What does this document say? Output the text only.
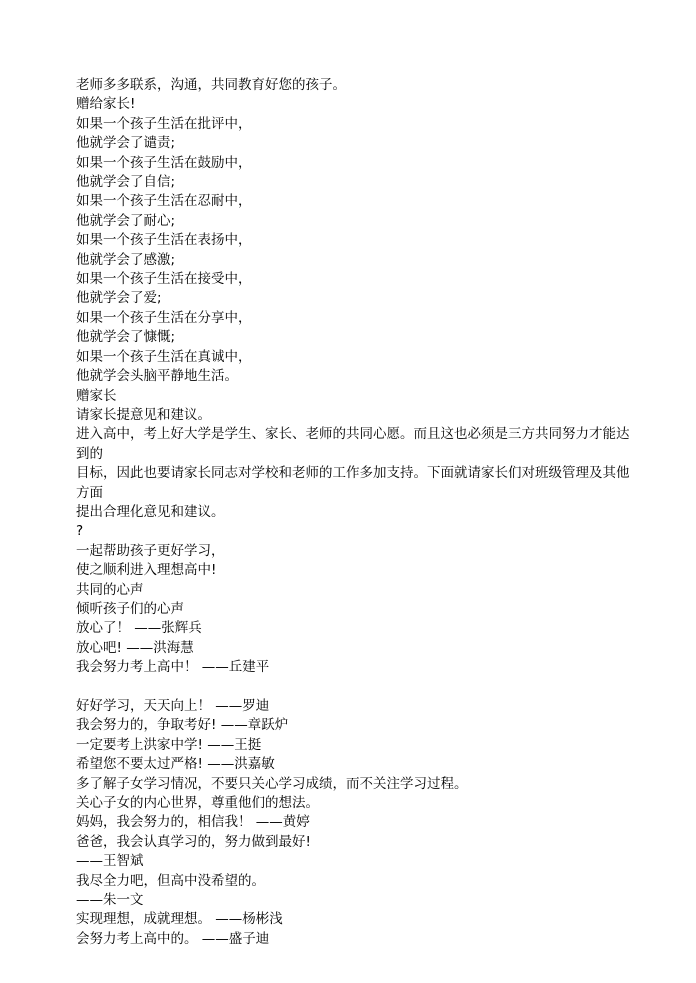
老师多多联系，沟通，共同教育好您的孩子。
赠给家长!
如果一个孩子生活在批评中，
他就学会了谴责;
如果一个孩子生活在鼓励中，
他就学会了自信;
如果一个孩子生活在忍耐中，
他就学会了耐心;
如果一个孩子生活在表扬中，
他就学会了感激;
如果一个孩子生活在接受中，
他就学会了爱;
如果一个孩子生活在分享中，
他就学会了慷慨;
如果一个孩子生活在真诚中，
他就学会头脑平静地生活。
赠家长
请家长提意见和建议。
进入高中，考上好大学是学生、家长、老师的共同心愿。而且这也必须是三方共同努力才能达到的
目标，因此也要请家长同志对学校和老师的工作多加支持。下面就请家长们对班级管理及其他方面
提出合理化意见和建议。
?
一起帮助孩子更好学习，
使之顺利进入理想高中!
共同的心声
倾听孩子们的心声
放心了！ ——张辉兵
放心吧! ——洪海慧
我会努力考上高中！ ——丘建平
好好学习，天天向上！ ——罗迪
我会努力的，争取考好! ——章跃炉
一定要考上洪家中学! ——王挺
希望您不要太过严格! ——洪嘉敏
多了解子女学习情况，不要只关心学习成绩，而不关注学习过程。
关心子女的内心世界，尊重他们的想法。
妈妈，我会努力的，相信我！ ——黄婷
爸爸，我会认真学习的，努力做到最好!
——王智斌
我尽全力吧，但高中没希望的。
——朱一文
实现理想，成就理想。 ——杨彬浅
会努力考上高中的。 ——盛子迪
